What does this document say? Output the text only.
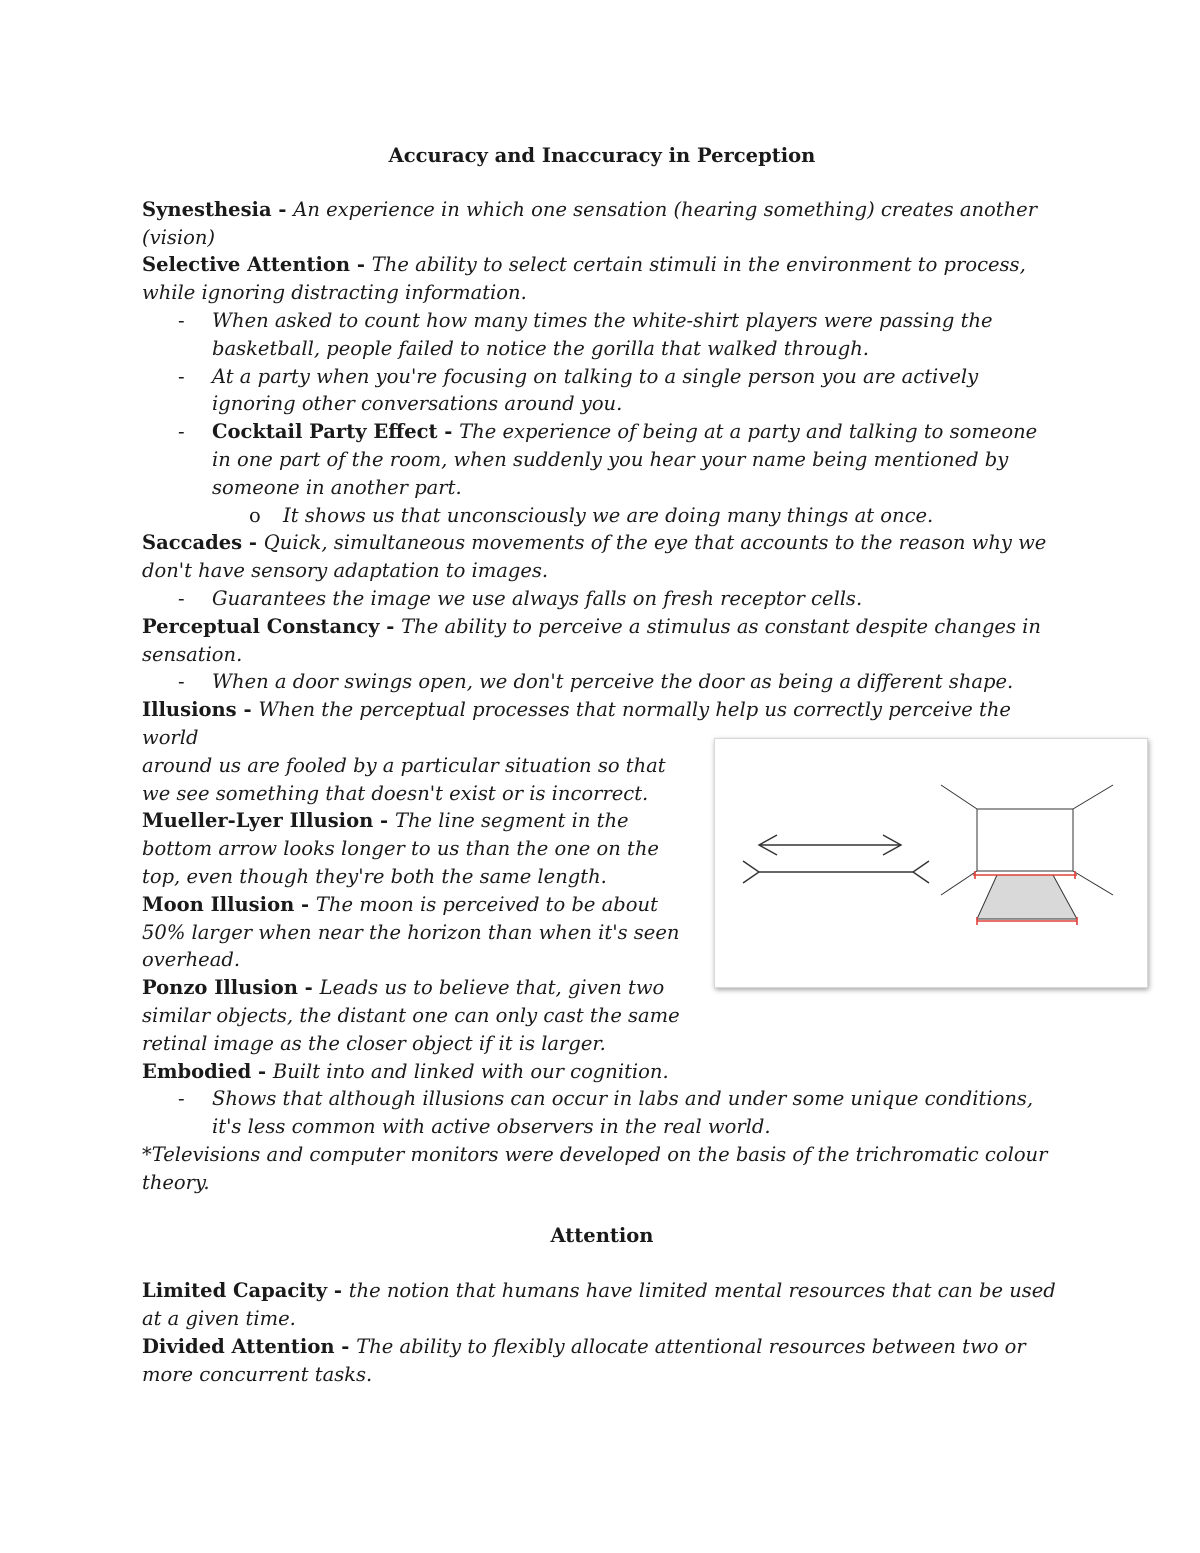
Accuracy and Inaccuracy in Perception

Synesthesia - An experience in which one sensation (hearing something) creates another (vision)

Selective Attention - The ability to select certain stimuli in the environment to process, while ignoring distracting information.

- When asked to count how many times the white-shirt players were passing the basketball, people failed to notice the gorilla that walked through.
- At a party when you're focusing on talking to a single person you are actively ignoring other conversations around you.
- Cocktail Party Effect - The experience of being at a party and talking to someone in one part of the room, when suddenly you hear your name being mentioned by someone in another part.
o It shows us that unconsciously we are doing many things at once.

Saccades - Quick, simultaneous movements of the eye that accounts to the reason why we don't have sensory adaptation to images.

- Guarantees the image we use always falls on fresh receptor cells.

Perceptual Constancy - The ability to perceive a stimulus as constant despite changes in sensation.

- When a door swings open, we don't perceive the door as being a different shape.

Illusions - When the perceptual processes that normally help us correctly perceive the world

around us are fooled by a particular situation so that we see something that doesn't exist or is incorrect.

Mueller-Lyer Illusion - The line segment in the bottom arrow looks longer to us than the one on the top, even though they're both the same length.

Moon Illusion - The moon is perceived to be about 50% larger when near the horizon than when it's seen overhead.

Ponzo Illusion - Leads us to believe that, given two similar objects, the distant one can only cast the same retinal image as the closer object if it is larger.

Embodied - Built into and linked with our cognition.

- Shows that although illusions can occur in labs and under some unique conditions, it's less common with active observers in the real world.

*Televisions and computer monitors were developed on the basis of the trichromatic colour theory.

Attention

Limited Capacity - the notion that humans have limited mental resources that can be used at a given time.

Divided Attention - The ability to flexibly allocate attentional resources between two or more concurrent tasks.
